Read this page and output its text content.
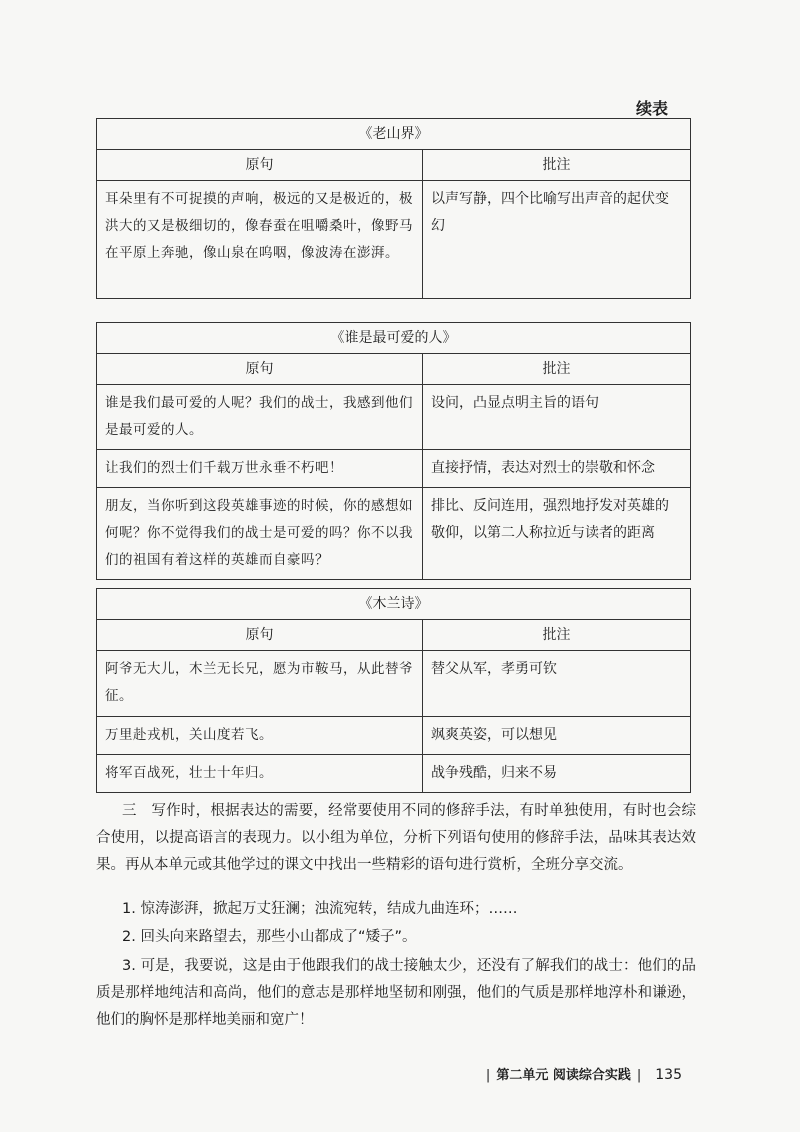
续表
《老山界》	
原句	批注
耳朵里有不可捉摸的声响，极远的又是极近的，极洪大的又是极细切的，像春蚕在咀嚼桑叶，像野马在平原上奔驰，像山泉在呜咽，像波涛在澎湃。	以声写静，四个比喻写出声音的起伏变幻
《谁是最可爱的人》	
原句	批注
谁是我们最可爱的人呢？我们的战士，我感到他们是最可爱的人。	设问，凸显点明主旨的语句
让我们的烈士们千载万世永垂不朽吧！	直接抒情，表达对烈士的崇敬和怀念
朋友，当你听到这段英雄事迹的时候，你的感想如何呢？你不觉得我们的战士是可爱的吗？你不以我们的祖国有着这样的英雄而自豪吗？	排比、反问连用，强烈地抒发对英雄的敬仰，以第二人称拉近与读者的距离
《木兰诗》	
原句	批注
阿爷无大儿，木兰无长兄，愿为市鞍马，从此替爷征。	替父从军，孝勇可钦
万里赴戎机，关山度若飞。	飒爽英姿，可以想见
将军百战死，壮士十年归。	战争残酷，归来不易
三　写作时，根据表达的需要，经常要使用不同的修辞手法，有时单独使用，有时也会综合使用，以提高语言的表现力。以小组为单位，分析下列语句使用的修辞手法，品味其表达效果。再从本单元或其他学过的课文中找出一些精彩的语句进行赏析，全班分享交流。
1. 惊涛澎湃，掀起万丈狂澜；浊流宛转，结成九曲连环；……
2. 回头向来路望去，那些小山都成了“矮子”。
3. 可是，我要说，这是由于他跟我们的战士接触太少，还没有了解我们的战士：他们的品质是那样地纯洁和高尚，他们的意志是那样地坚韧和刚强，他们的气质是那样地淳朴和谦逊，他们的胸怀是那样地美丽和宽广！
| 第二单元 阅读综合实践 | 135
